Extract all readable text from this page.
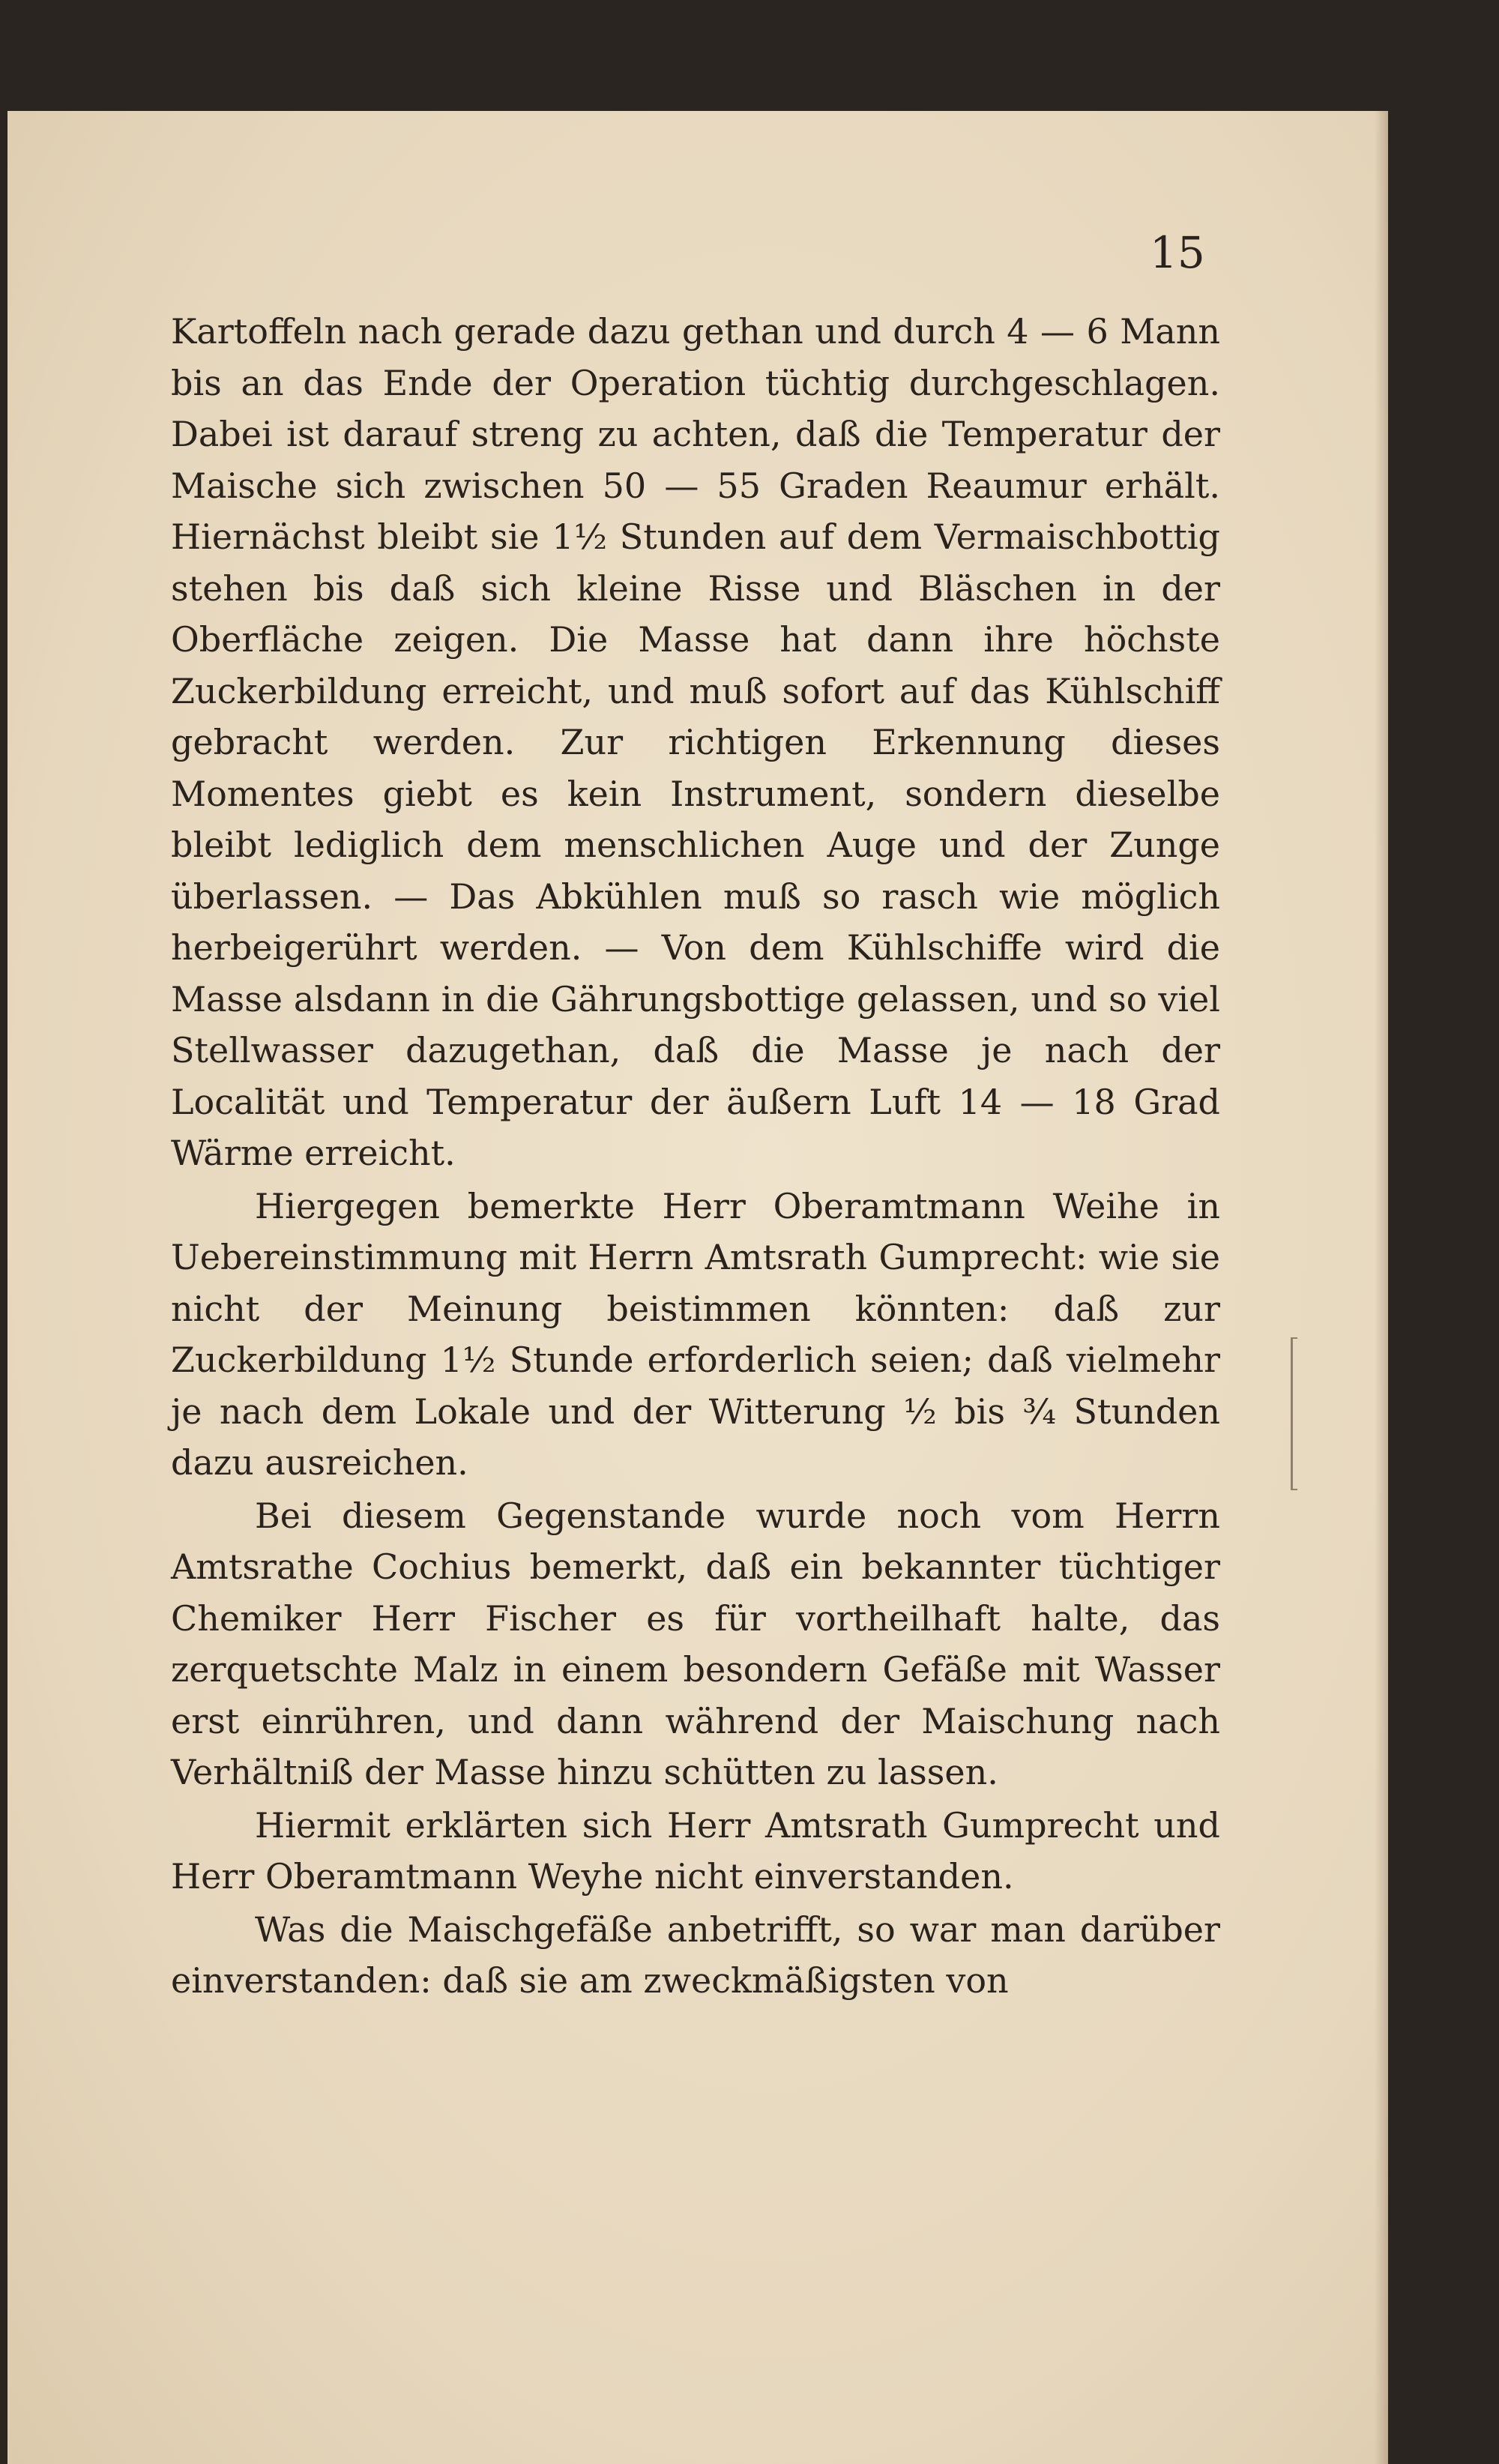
15

Kartoffeln nach gerade dazu gethan und durch 4 — 6 Mann bis an das Ende der Operation tüchtig durchgeschlagen. Dabei ist darauf streng zu achten, daß die Temperatur der Maische sich zwischen 50 — 55 Graden Reaumur erhält. Hiernächst bleibt sie 1½ Stunden auf dem Vermaischbottig stehen bis daß sich kleine Risse und Bläschen in der Oberfläche zeigen. Die Masse hat dann ihre höchste Zuckerbildung erreicht, und muß sofort auf das Kühlschiff gebracht werden. Zur richtigen Erkennung dieses Momentes giebt es kein Instrument, sondern dieselbe bleibt lediglich dem menschlichen Auge und der Zunge überlassen. — Das Abkühlen muß so rasch wie möglich herbeigerührt werden. — Von dem Kühlschiffe wird die Masse alsdann in die Gährungsbottige gelassen, und so viel Stellwasser dazugethan, daß die Masse je nach der Localität und Temperatur der äußern Luft 14 — 18 Grad Wärme erreicht.

Hiergegen bemerkte Herr Oberamtmann Weihe in Uebereinstimmung mit Herrn Amtsrath Gumprecht: wie sie nicht der Meinung beistimmen könnten: daß zur Zuckerbildung 1½ Stunde erforderlich seien; daß vielmehr je nach dem Lokale und der Witterung ½ bis ¾ Stunden dazu ausreichen.

Bei diesem Gegenstande wurde noch vom Herrn Amtsrathe Cochius bemerkt, daß ein bekannter tüchtiger Chemiker Herr Fischer es für vortheilhaft halte, das zerquetschte Malz in einem besondern Gefäße mit Wasser erst einrühren, und dann während der Maischung nach Verhältniß der Masse hinzu schütten zu lassen.

Hiermit erklärten sich Herr Amtsrath Gumprecht und Herr Oberamtmann Weyhe nicht einverstanden.

Was die Maischgefäße anbetrifft, so war man darüber einverstanden: daß sie am zweckmäßigsten von
